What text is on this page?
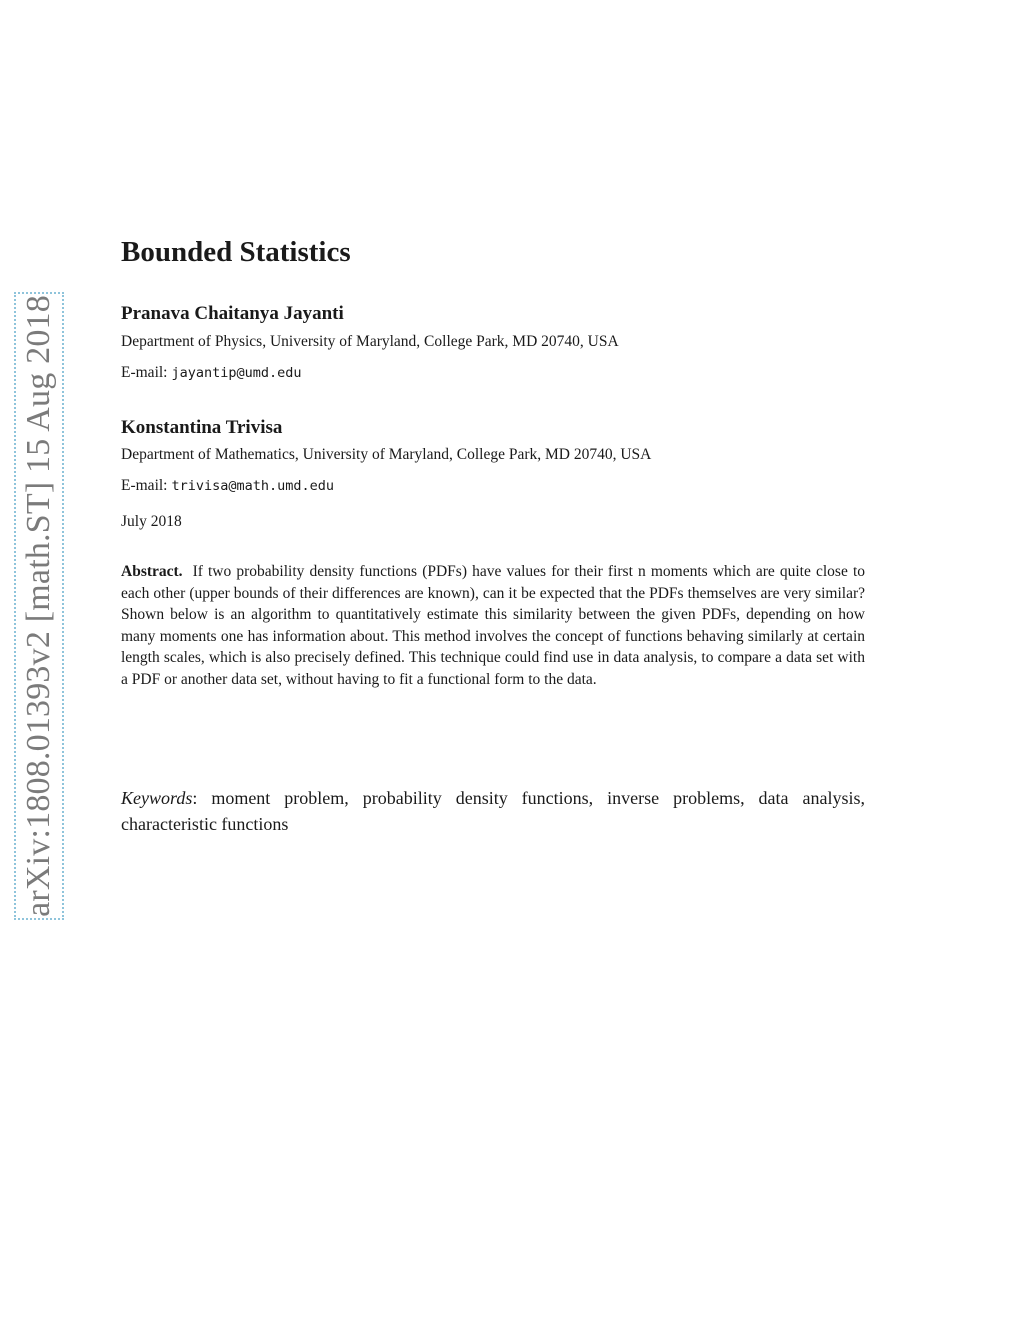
arXiv:1808.01393v2 [math.ST] 15 Aug 2018
Bounded Statistics
Pranava Chaitanya Jayanti
Department of Physics, University of Maryland, College Park, MD 20740, USA
E-mail: jayantip@umd.edu
Konstantina Trivisa
Department of Mathematics, University of Maryland, College Park, MD 20740, USA
E-mail: trivisa@math.umd.edu
July 2018

Abstract. If two probability density functions (PDFs) have values for their first n moments which are quite close to each other (upper bounds of their differences are known), can it be expected that the PDFs themselves are very similar? Shown below is an algorithm to quantitatively estimate this similarity between the given PDFs, depending on how many moments one has information about. This method involves the concept of functions behaving similarly at certain length scales, which is also precisely defined. This technique could find use in data analysis, to compare a data set with a PDF or another data set, without having to fit a functional form to the data.

Keywords: moment problem, probability density functions, inverse problems, data analysis, characteristic functions
